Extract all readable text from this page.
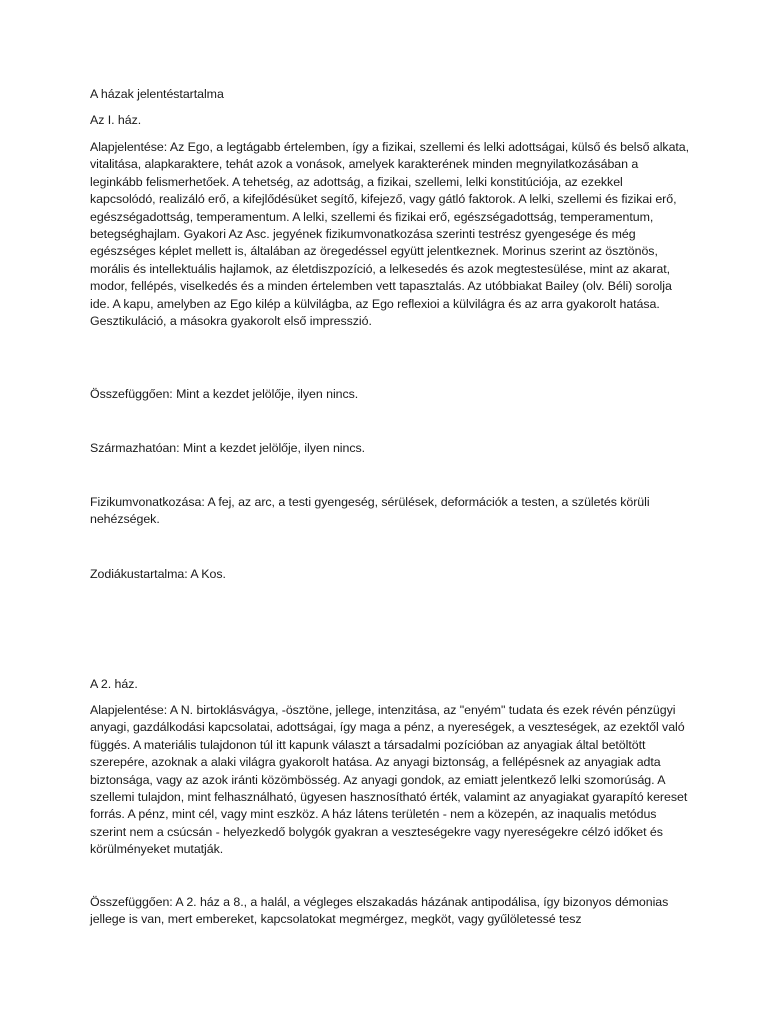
A házak jelentéstartalma

Az I. ház.

Alapjelentése: Az Ego, a legtágabb értelemben, így a fizikai, szellemi és lelki adottságai, külső és belső alkata, vitalitása, alapkaraktere, tehát azok a vonások, amelyek karakterének minden megnyilatkozásában a leginkább felismerhetőek. A tehetség, az adottság, a fizikai, szellemi, lelki konstitúciója, az ezekkel kapcsolódó, realizáló erő, a kifejlődésüket segítő, kifejező, vagy gátló faktorok. A lelki, szellemi és fizikai erő, egészségadottság, temperamentum. A lelki, szellemi és fizikai erő, egészségadottság, temperamentum, betegséghajlam. Gyakori Az Asc. jegyének fizikumvonatkozása szerinti testrész gyengesége és még egészséges képlet mellett is, általában az öregedéssel együtt jelentkeznek. Morinus szerint az ösztönös, morális és intellektuális hajlamok, az életdiszpozíció, a lelkesedés és azok megtestesülése, mint az akarat, modor, fellépés, viselkedés és a minden értelemben vett tapasztalás. Az utóbbiakat Bailey (olv. Béli) sorolja ide. A kapu, amelyben az Ego kilép a külvilágba, az Ego reflexioi a külvilágra és az arra gyakorolt hatása. Gesztikuláció, a másokra gyakorolt első impresszió.

Összefüggően: Mint a kezdet jelölője, ilyen nincs.

Származhatóan: Mint a kezdet jelölője, ilyen nincs.

Fizikumvonatkozása: A fej, az arc, a testi gyengeség, sérülések, deformációk a testen, a születés körüli nehézségek.

Zodiákustartalma: A Kos.

A 2. ház.

Alapjelentése: A N. birtoklásvágya, -ösztöne, jellege, intenzitása, az "enyém" tudata és ezek révén pénzügyi anyagi, gazdálkodási kapcsolatai, adottságai, így maga a pénz, a nyereségek, a veszteségek, az ezektől való függés. A materiális tulajdonon túl itt kapunk választ a társadalmi pozícióban az anyagiak által betöltött szerepére, azoknak a alaki világra gyakorolt hatása. Az anyagi biztonság, a fellépésnek az anyagiak adta biztonsága, vagy az azok iránti közömbösség. Az anyagi gondok, az emiatt jelentkező lelki szomorúság. A szellemi tulajdon, mint felhasználható, ügyesen hasznosítható érték, valamint az anyagiakat gyarapító kereset forrás. A pénz, mint cél, vagy mint eszköz. A ház látens területén - nem a közepén, az inaqualis metódus szerint nem a csúcsán - helyezkedő bolygók gyakran a veszteségekre vagy nyereségekre célzó időket és körülményeket mutatják.

Összefüggően: A 2. ház a 8., a halál, a végleges elszakadás házának antipodálisa, így bizonyos démonias jellege is van, mert embereket, kapcsolatokat megmérgez, megköt, vagy gyűlöletessé tesz
